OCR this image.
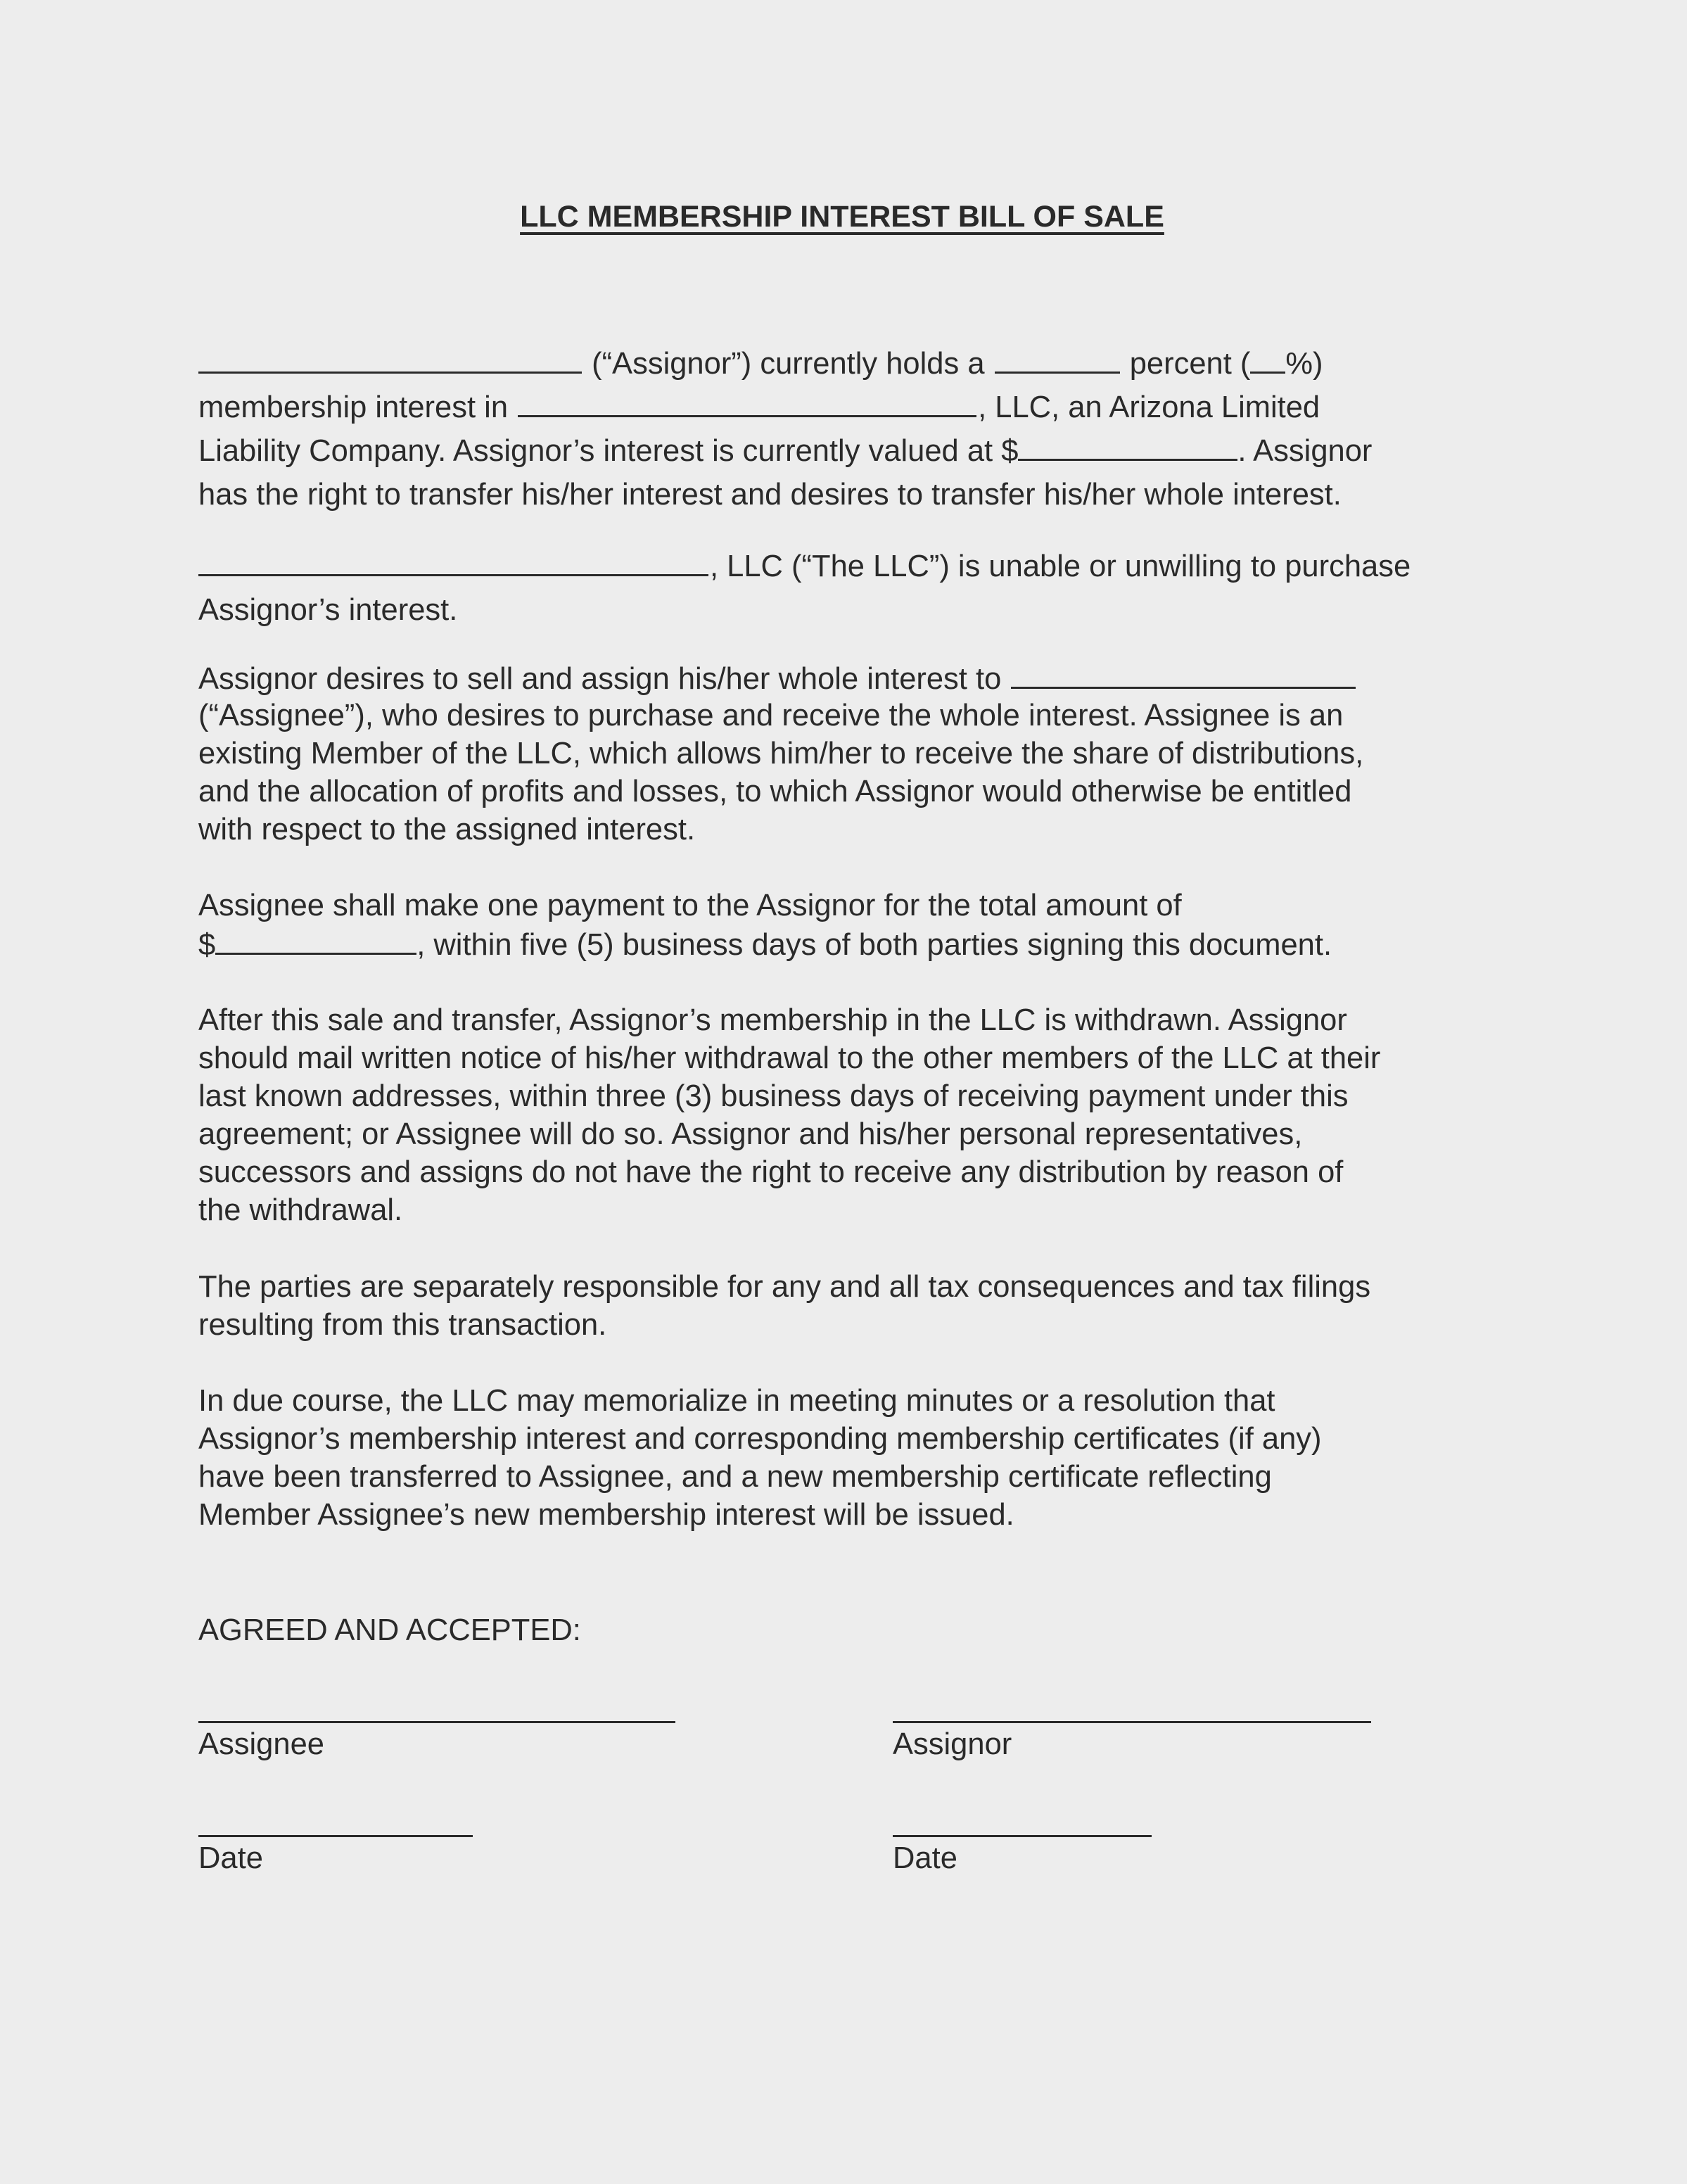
LLC MEMBERSHIP INTEREST BILL OF SALE
(“Assignor”) currently holds a	percent ( %)
membership interest in	, LLC, an Arizona Limited
Liability Company. Assignor’s interest is currently valued at $	. Assignor
has the right to transfer his/her interest and desires to transfer his/her whole interest.
, LLC (“The LLC”) is unable or unwilling to purchase
Assignor’s interest.
Assignor desires to sell and assign his/her whole interest to
(“Assignee”), who desires to purchase and receive the whole interest. Assignee is an
existing Member of the LLC, which allows him/her to receive the share of distributions,
and the allocation of profits and losses, to which Assignor would otherwise be entitled
with respect to the assigned interest.
Assignee shall make one payment to the Assignor for the total amount of
$	, within five (5) business days of both parties signing this document.
After this sale and transfer, Assignor’s membership in the LLC is withdrawn. Assignor
should mail written notice of his/her withdrawal to the other members of the LLC at their
last known addresses, within three (3) business days of receiving payment under this
agreement; or Assignee will do so. Assignor and his/her personal representatives,
successors and assigns do not have the right to receive any distribution by reason of
the withdrawal.
The parties are separately responsible for any and all tax consequences and tax filings
resulting from this transaction.
In due course, the LLC may memorialize in meeting minutes or a resolution that
Assignor’s membership interest and corresponding membership certificates (if any)
have been transferred to Assignee, and a new membership certificate reflecting
Member Assignee’s new membership interest will be issued.
AGREED AND ACCEPTED:
Assignee	Assignor
Date	Date
